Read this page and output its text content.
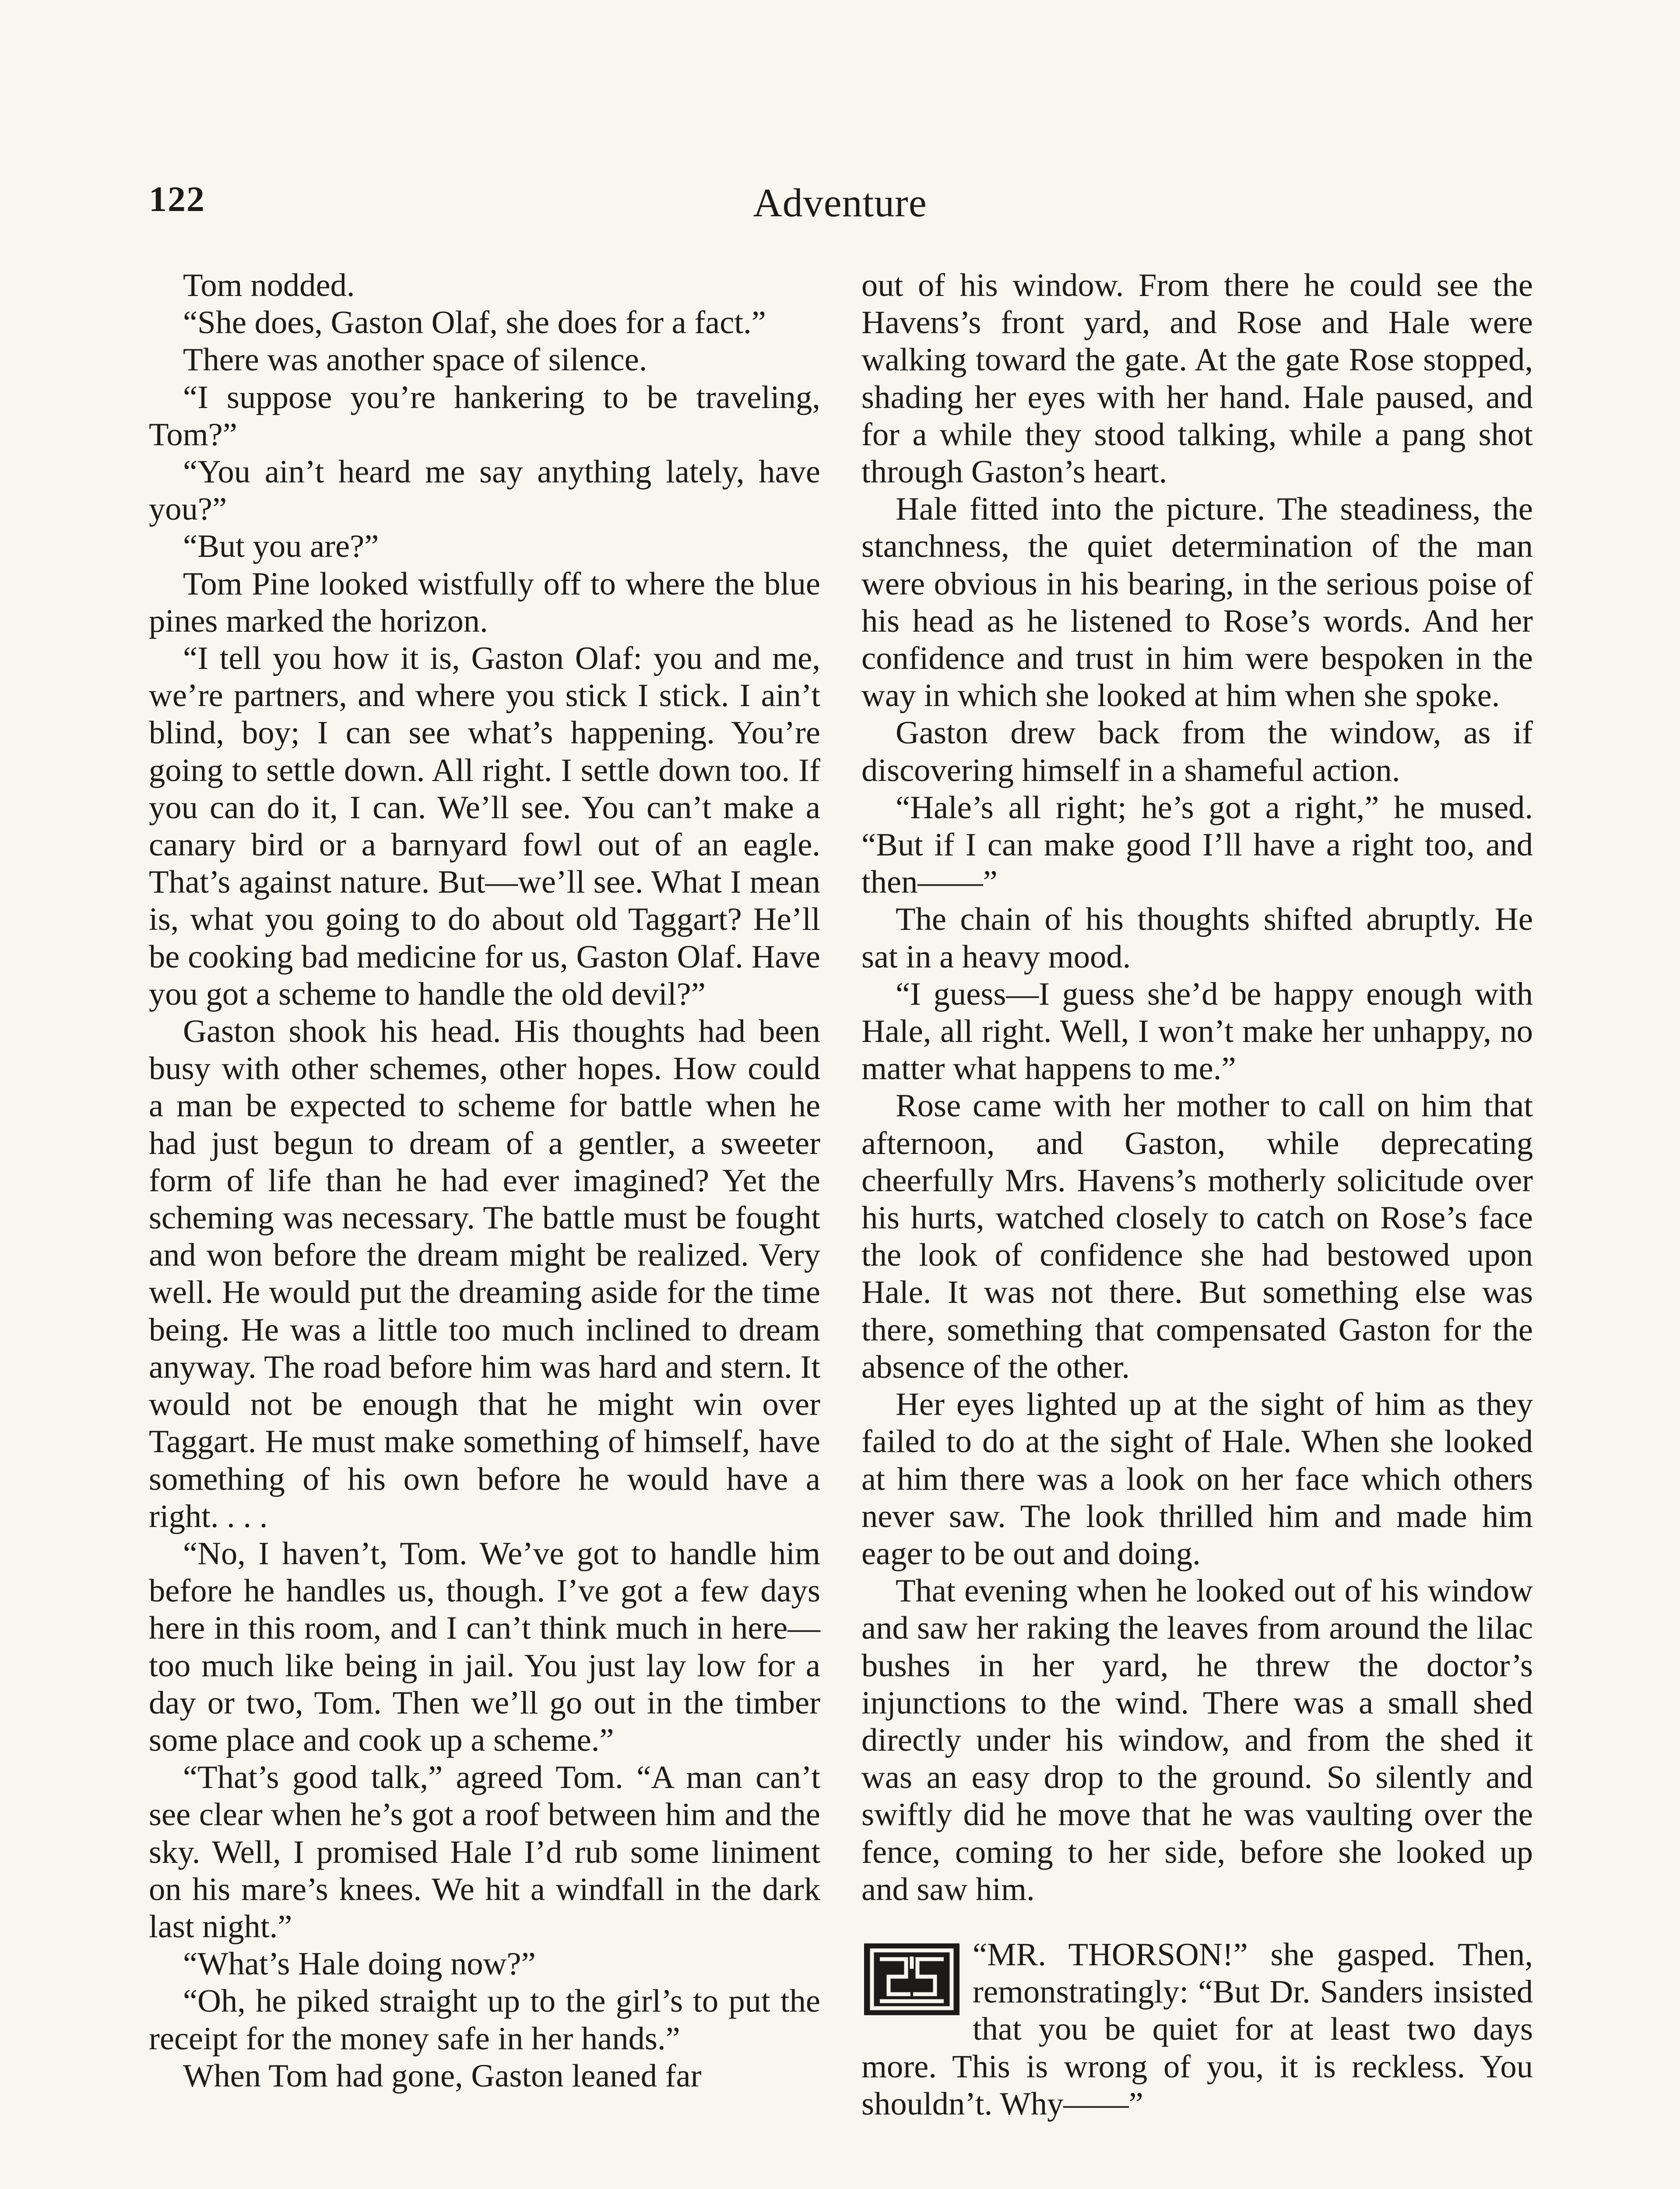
122	Adventure

Tom nodded.

“She does, Gaston Olaf, she does for a fact.”

There was another space of silence.

“I suppose you’re hankering to be traveling, Tom?”

“You ain’t heard me say anything lately, have you?”

“But you are?”

Tom Pine looked wistfully off to where the blue pines marked the horizon.

“I tell you how it is, Gaston Olaf: you and me, we’re partners, and where you stick I stick. I ain’t blind, boy; I can see what’s happening. You’re going to settle down. All right. I settle down too. If you can do it, I can. We’ll see. You can’t make a canary bird or a barnyard fowl out of an eagle. That’s against nature. But—we’ll see. What I mean is, what you going to do about old Taggart? He’ll be cooking bad medicine for us, Gaston Olaf. Have you got a scheme to handle the old devil?”

Gaston shook his head. His thoughts had been busy with other schemes, other hopes. How could a man be expected to scheme for battle when he had just begun to dream of a gentler, a sweeter form of life than he had ever imagined? Yet the scheming was necessary. The battle must be fought and won before the dream might be realized. Very well. He would put the dreaming aside for the time being. He was a little too much inclined to dream anyway. The road before him was hard and stern. It would not be enough that he might win over Taggart. He must make something of himself, have something of his own before he would have a right. . . .

“No, I haven’t, Tom. We’ve got to handle him before he handles us, though. I’ve got a few days here in this room, and I can’t think much in here—too much like being in jail. You just lay low for a day or two, Tom. Then we’ll go out in the timber some place and cook up a scheme.”

“That’s good talk,” agreed Tom. “A man can’t see clear when he’s got a roof between him and the sky. Well, I promised Hale I’d rub some liniment on his mare’s knees. We hit a windfall in the dark last night.”

“What’s Hale doing now?”

“Oh, he piked straight up to the girl’s to put the receipt for the money safe in her hands.”

When Tom had gone, Gaston leaned far

out of his window. From there he could see the Havens’s front yard, and Rose and Hale were walking toward the gate. At the gate Rose stopped, shading her eyes with her hand. Hale paused, and for a while they stood talking, while a pang shot through Gaston’s heart.

Hale fitted into the picture. The steadiness, the stanchness, the quiet determination of the man were obvious in his bearing, in the serious poise of his head as he listened to Rose’s words. And her confidence and trust in him were bespoken in the way in which she looked at him when she spoke.

Gaston drew back from the window, as if discovering himself in a shameful action.

“Hale’s all right; he’s got a right,” he mused. “But if I can make good I’ll have a right too, and then——”

The chain of his thoughts shifted abruptly. He sat in a heavy mood.

“I guess—I guess she’d be happy enough with Hale, all right. Well, I won’t make her unhappy, no matter what happens to me.”

Rose came with her mother to call on him that afternoon, and Gaston, while deprecating cheerfully Mrs. Havens’s motherly solicitude over his hurts, watched closely to catch on Rose’s face the look of confidence she had bestowed upon Hale. It was not there. But something else was there, something that compensated Gaston for the absence of the other.

Her eyes lighted up at the sight of him as they failed to do at the sight of Hale. When she looked at him there was a look on her face which others never saw. The look thrilled him and made him eager to be out and doing.

That evening when he looked out of his window and saw her raking the leaves from around the lilac bushes in her yard, he threw the doctor’s injunctions to the wind. There was a small shed directly under his window, and from the shed it was an easy drop to the ground. So silently and swiftly did he move that he was vaulting over the fence, coming to her side, before she looked up and saw him.

“MR. THORSON!” she gasped. Then, remonstratingly: “But Dr. Sanders insisted that you be quiet for at least two days more. This is wrong of you, it is reckless. You shouldn’t. Why——”
